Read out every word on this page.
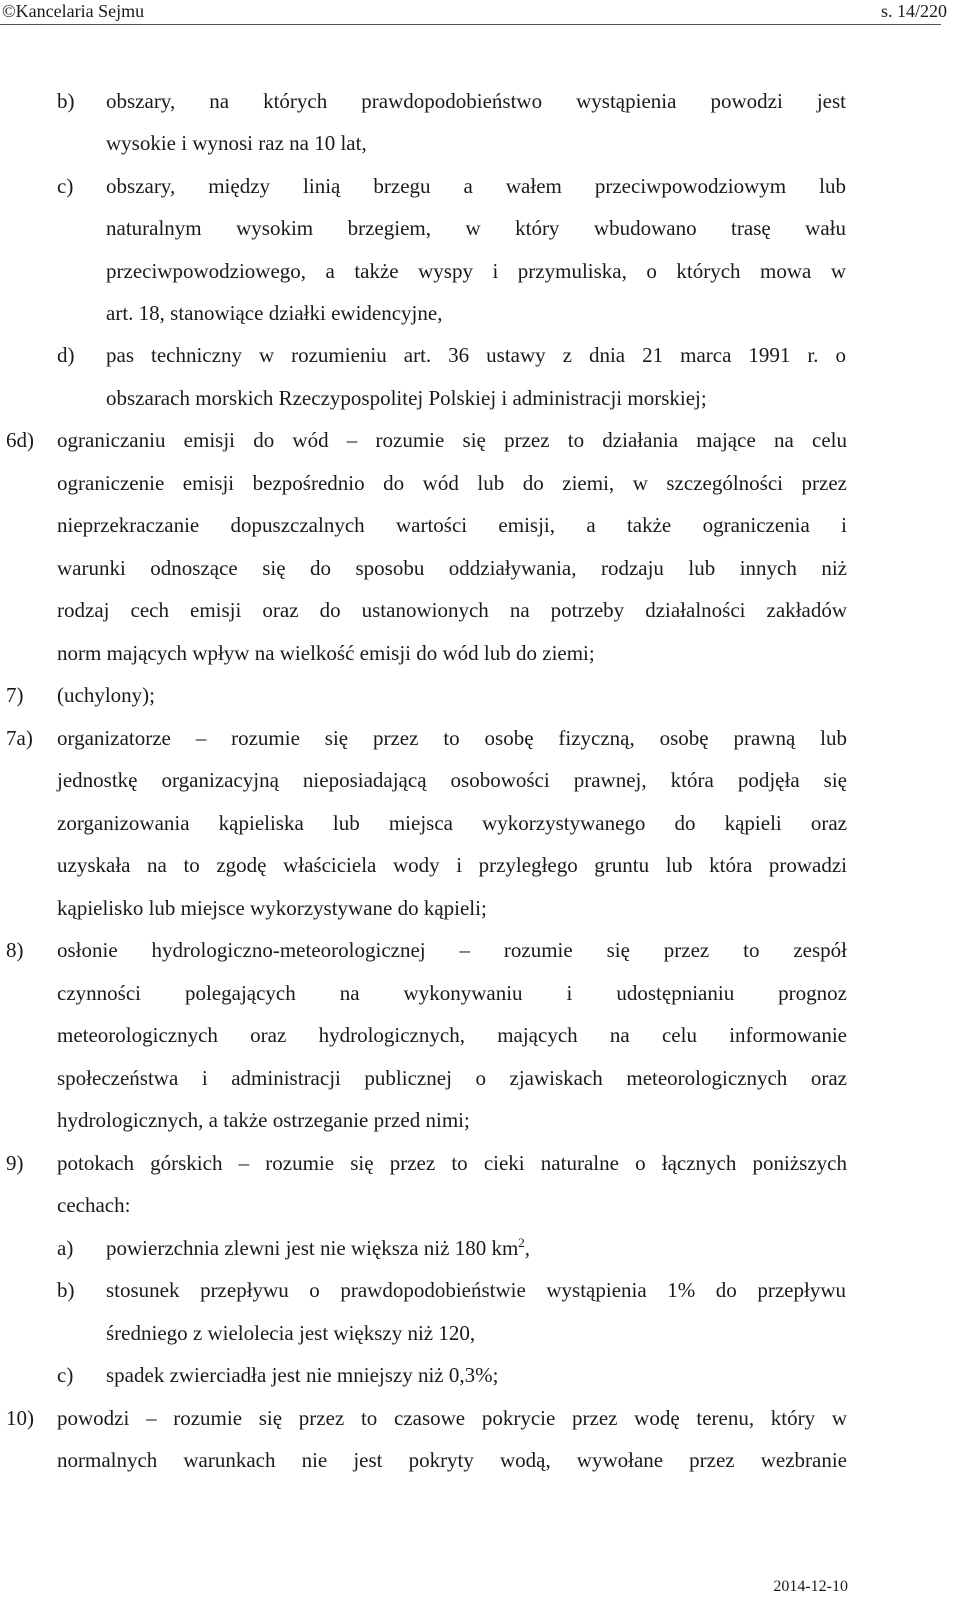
©Kancelaria Sejmu	s. 14/220
b) obszary, na których prawdopodobieństwo wystąpienia powodzi jest
wysokie i wynosi raz na 10 lat,
c) obszary, między linią brzegu a wałem przeciwpowodziowym lub
naturalnym wysokim brzegiem, w który wbudowano trasę wału
przeciwpowodziowego, a także wyspy i przymuliska, o których mowa w
art. 18, stanowiące działki ewidencyjne,
d) pas techniczny w rozumieniu art. 36 ustawy z dnia 21 marca 1991 r. o
obszarach morskich Rzeczypospolitej Polskiej i administracji morskiej;
6d) ograniczaniu emisji do wód – rozumie się przez to działania mające na celu
ograniczenie emisji bezpośrednio do wód lub do ziemi, w szczególności przez
nieprzekraczanie dopuszczalnych wartości emisji, a także ograniczenia i
warunki odnoszące się do sposobu oddziaływania, rodzaju lub innych niż
rodzaj cech emisji oraz do ustanowionych na potrzeby działalności zakładów
norm mających wpływ na wielkość emisji do wód lub do ziemi;
7) (uchylony);
7a) organizatorze – rozumie się przez to osobę fizyczną, osobę prawną lub
jednostkę organizacyjną nieposiadającą osobowości prawnej, która podjęła się
zorganizowania kąpieliska lub miejsca wykorzystywanego do kąpieli oraz
uzyskała na to zgodę właściciela wody i przyległego gruntu lub która prowadzi
kąpielisko lub miejsce wykorzystywane do kąpieli;
8) osłonie hydrologiczno-meteorologicznej – rozumie się przez to zespół
czynności polegających na wykonywaniu i udostępnianiu prognoz
meteorologicznych oraz hydrologicznych, mających na celu informowanie
społeczeństwa i administracji publicznej o zjawiskach meteorologicznych oraz
hydrologicznych, a także ostrzeganie przed nimi;
9) potokach górskich – rozumie się przez to cieki naturalne o łącznych poniższych
cechach:
a) powierzchnia zlewni jest nie większa niż 180 $km^2$,
b) stosunek przepływu o prawdopodobieństwie wystąpienia 1% do przepływu
średniego z wielolecia jest większy niż 120,
c) spadek zwierciadła jest nie mniejszy niż 0,3%;
10) powodzi – rozumie się przez to czasowe pokrycie przez wodę terenu, który w
normalnych warunkach nie jest pokryty wodą, wywołane przez wezbranie
2014-12-10
